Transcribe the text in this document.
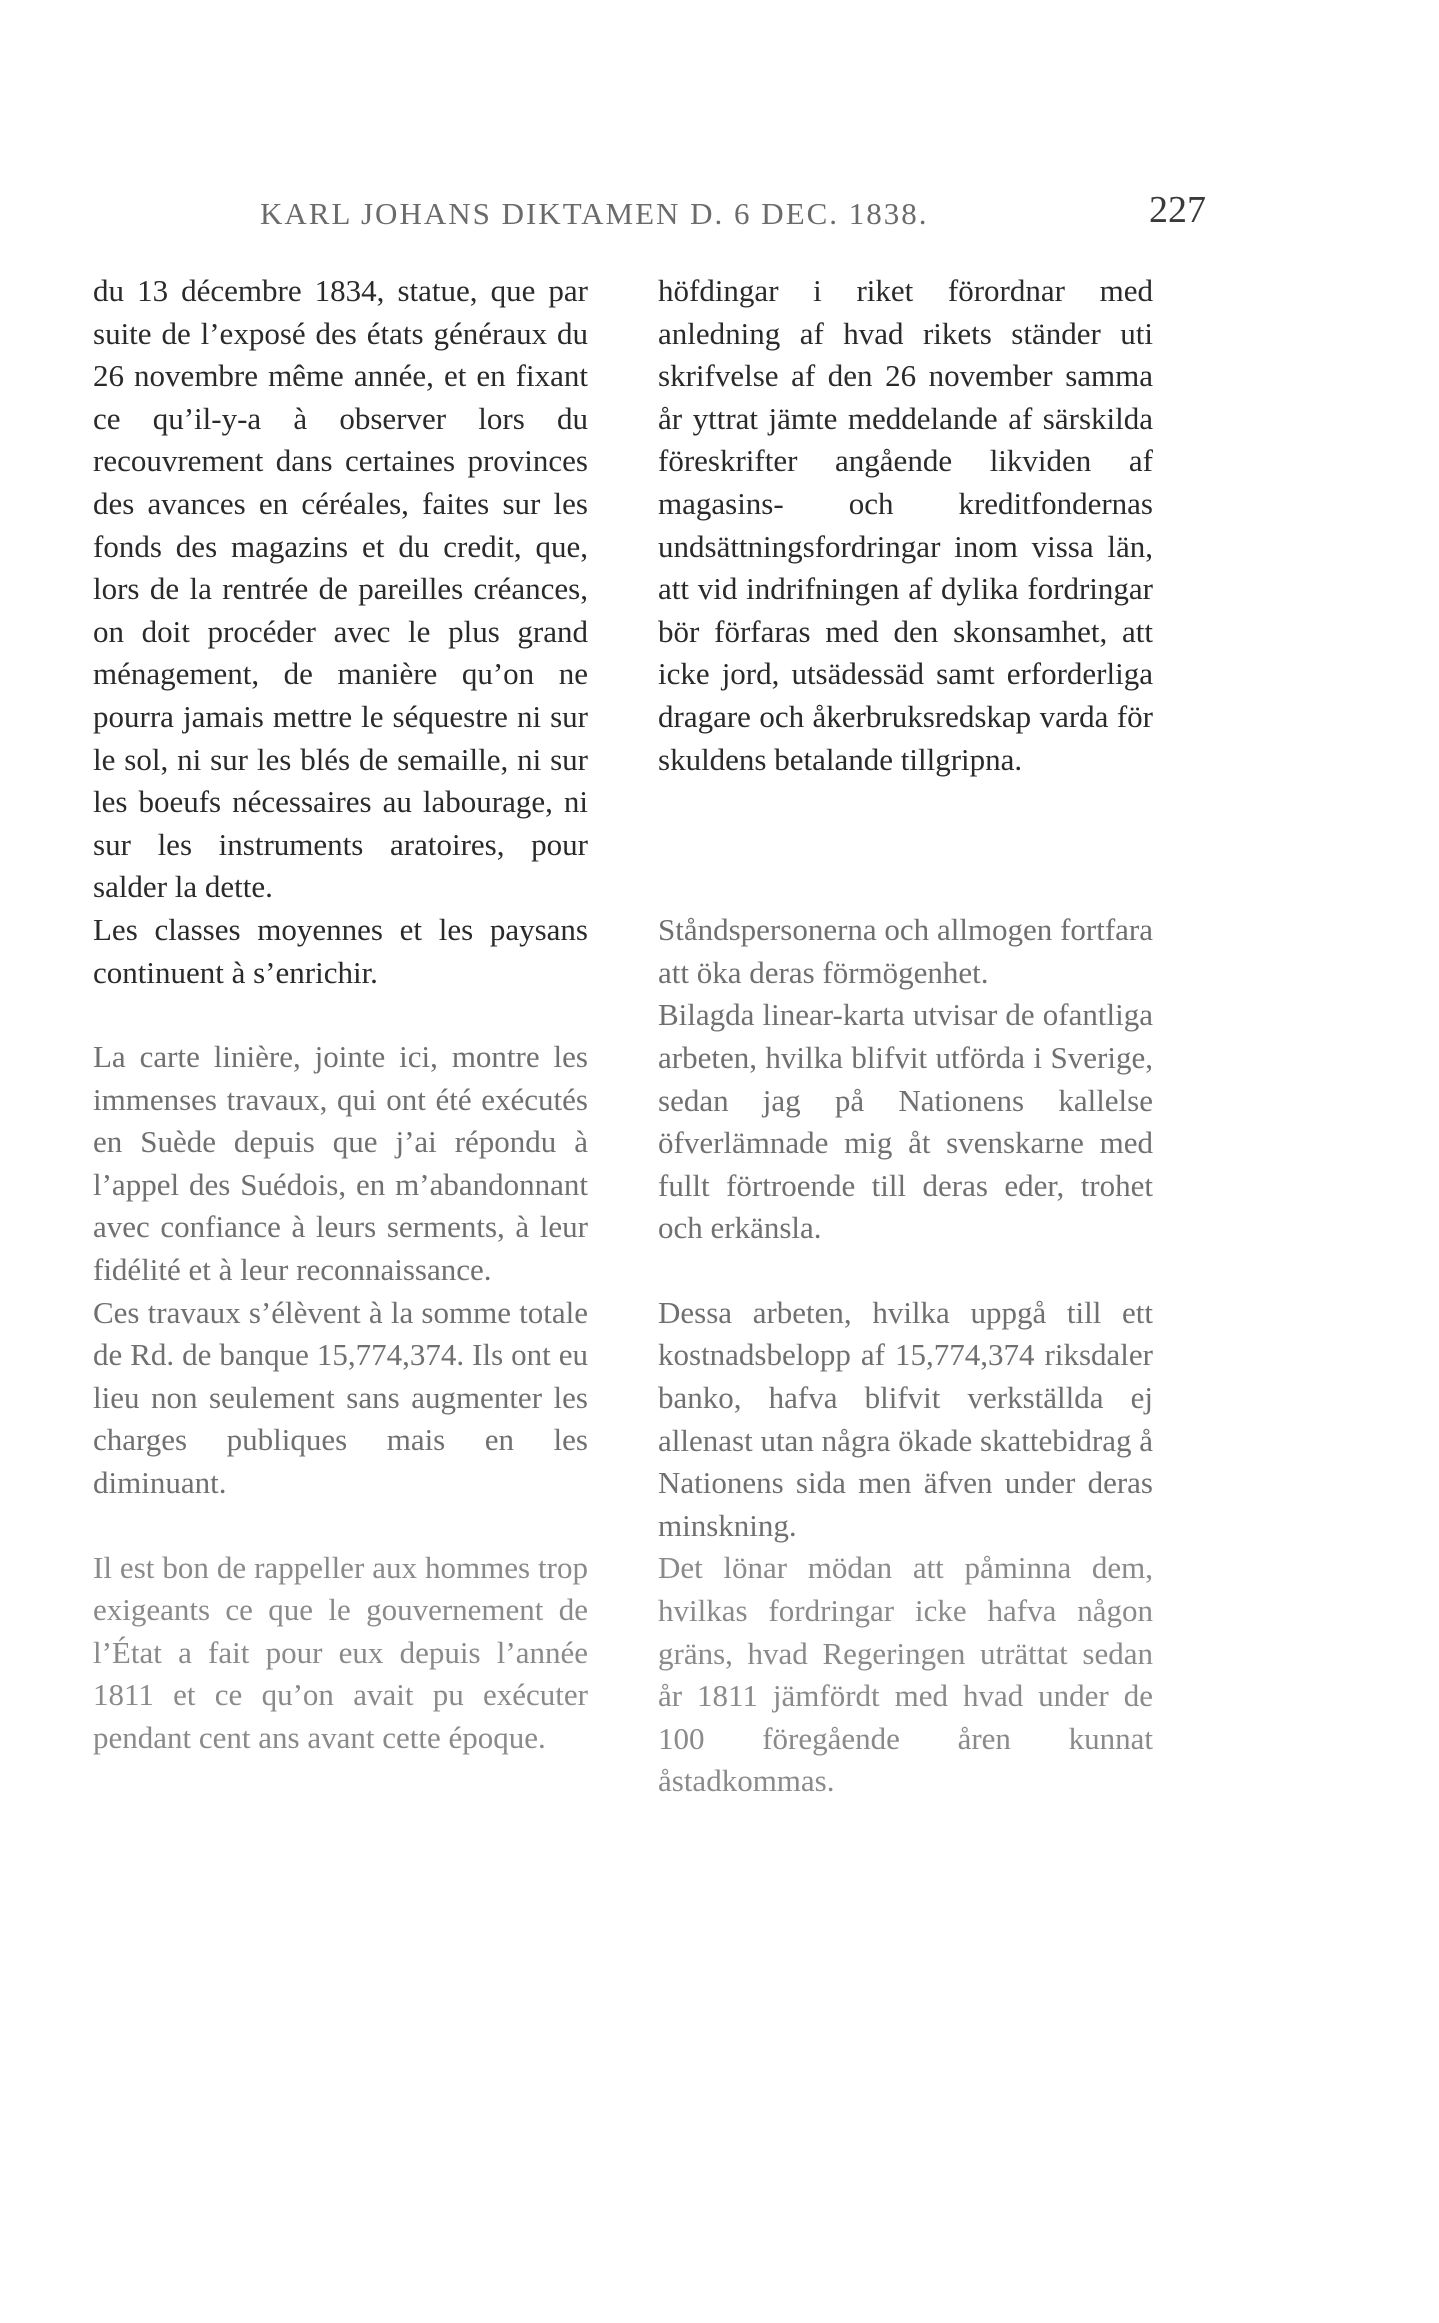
KARL JOHANS DIKTAMEN D. 6 DEC. 1838.	227

du 13 décembre 1834, statue, que par suite de l’exposé des états généraux du 26 novembre même année, et en fixant ce qu’il-y-a à observer lors du recouvrement dans certaines provinces des avances en céréales, faites sur les fonds des magazins et du credit, que, lors de la rentrée de pareilles créances, on doit procéder avec le plus grand ménagement, de manière qu’on ne pourra jamais mettre le séquestre ni sur le sol, ni sur les blés de semaille, ni sur les boeufs nécessaires au labourage, ni sur les instruments aratoires, pour salder la dette.

Les classes moyennes et les paysans continuent à s’enrichir.

La carte linière, jointe ici, montre les immenses travaux, qui ont été exécutés en Suède depuis que j’ai répondu à l’appel des Suédois, en m’abandonnant avec confiance à leurs serments, à leur fidélité et à leur reconnaissance.

Ces travaux s’élèvent à la somme totale de Rd. de banque 15,774,374. Ils ont eu lieu non seulement sans augmenter les charges publiques mais en les diminuant.

Il est bon de rappeller aux hommes trop exigeants ce que le gouvernement de l’État a fait pour eux depuis l’année 1811 et ce qu’on avait pu exécuter pendant cent ans avant cette époque.

höfdingar i riket förordnar med anledning af hvad rikets ständer uti skrifvelse af den 26 november samma år yttrat jämte meddelande af särskilda föreskrifter angående likviden af magasins- och kreditfondernas undsättningsfordringar inom vissa län, att vid indrifningen af dylika fordringar bör förfaras med den skonsamhet, att icke jord, utsädessäd samt erforderliga dragare och åkerbruksredskap varda för skuldens betalande tillgripna.

Ståndspersonerna och allmogen fortfara att öka deras förmögenhet.

Bilagda linear-karta utvisar de ofantliga arbeten, hvilka blifvit utförda i Sverige, sedan jag på Nationens kallelse öfverlämnade mig åt svenskarne med fullt förtroende till deras eder, trohet och erkänsla.

Dessa arbeten, hvilka uppgå till ett kostnadsbelopp af 15,774,374 riksdaler banko, hafva blifvit verkställda ej allenast utan några ökade skattebidrag å Nationens sida men äfven under deras minskning.

Det lönar mödan att påminna dem, hvilkas fordringar icke hafva någon gräns, hvad Regeringen uträttat sedan år 1811 jämfördt med hvad under de 100 föregående åren kunnat åstadkommas.
